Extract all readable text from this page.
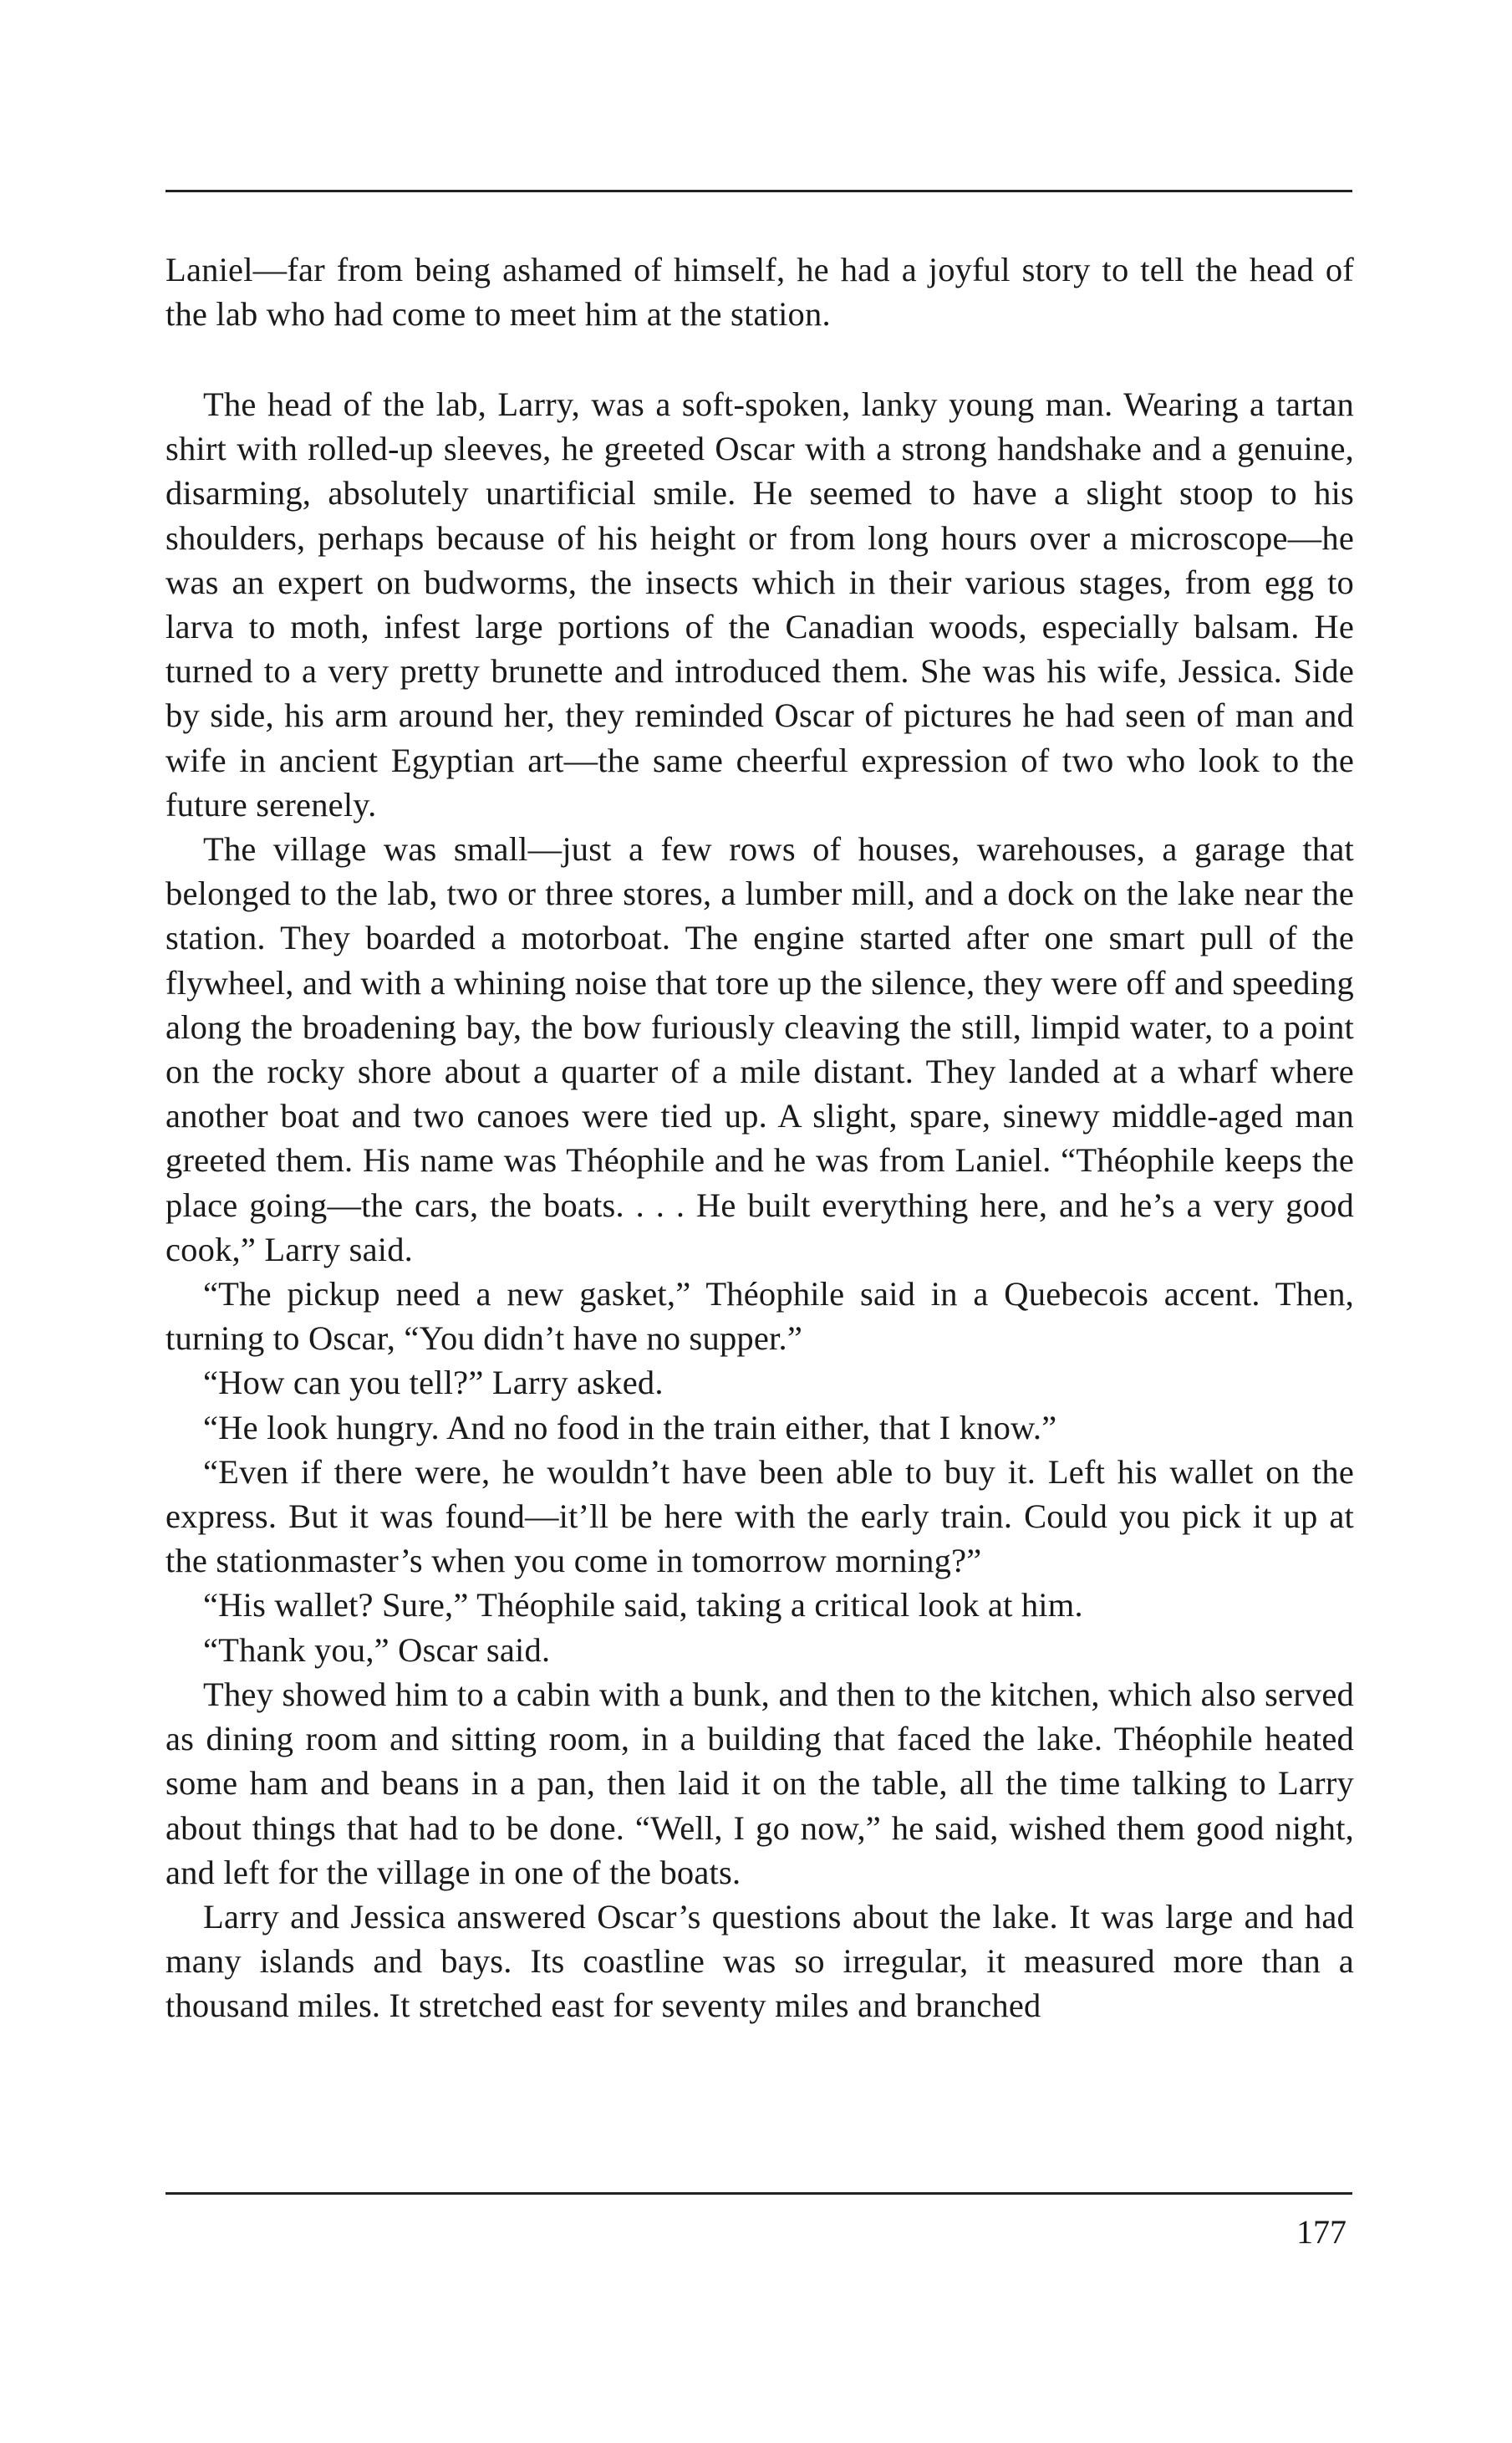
Laniel—far from being ashamed of himself, he had a joyful story to tell the head of the lab who had come to meet him at the station.

The head of the lab, Larry, was a soft-spoken, lanky young man. Wearing a tartan shirt with rolled-up sleeves, he greeted Oscar with a strong handshake and a genuine, disarming, absolutely unartificial smile. He seemed to have a slight stoop to his shoulders, perhaps because of his height or from long hours over a microscope—he was an expert on budworms, the insects which in their various stages, from egg to larva to moth, infest large portions of the Canadian woods, especially balsam. He turned to a very pretty brunette and introduced them. She was his wife, Jessica. Side by side, his arm around her, they reminded Oscar of pictures he had seen of man and wife in ancient Egyptian art—the same cheerful expression of two who look to the future serenely.

The village was small—just a few rows of houses, warehouses, a garage that belonged to the lab, two or three stores, a lumber mill, and a dock on the lake near the station. They boarded a motorboat. The engine started after one smart pull of the flywheel, and with a whining noise that tore up the silence, they were off and speeding along the broadening bay, the bow furiously cleaving the still, limpid water, to a point on the rocky shore about a quarter of a mile distant. They landed at a wharf where another boat and two canoes were tied up. A slight, spare, sinewy middle-aged man greeted them. His name was Théophile and he was from Laniel. “Théophile keeps the place going—the cars, the boats. . . . He built everything here, and he’s a very good cook,” Larry said.

“The pickup need a new gasket,” Théophile said in a Quebecois accent. Then, turning to Oscar, “You didn’t have no supper.”

“How can you tell?” Larry asked.

“He look hungry. And no food in the train either, that I know.”

“Even if there were, he wouldn’t have been able to buy it. Left his wallet on the express. But it was found—it’ll be here with the early train. Could you pick it up at the stationmaster’s when you come in tomorrow morning?”

“His wallet? Sure,” Théophile said, taking a critical look at him.

“Thank you,” Oscar said.

They showed him to a cabin with a bunk, and then to the kitchen, which also served as dining room and sitting room, in a building that faced the lake. Théophile heated some ham and beans in a pan, then laid it on the table, all the time talking to Larry about things that had to be done. “Well, I go now,” he said, wished them good night, and left for the village in one of the boats.

Larry and Jessica answered Oscar’s questions about the lake. It was large and had many islands and bays. Its coastline was so irregular, it measured more than a thousand miles. It stretched east for seventy miles and branched

177
